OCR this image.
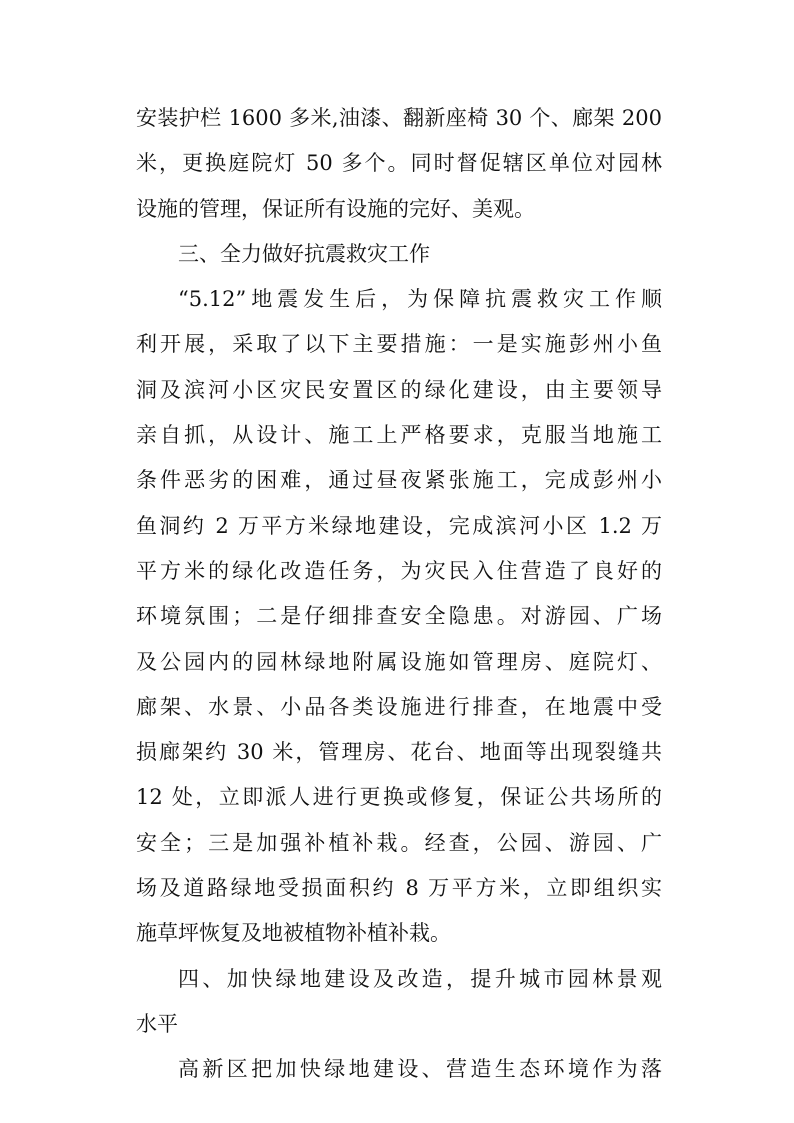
安装护栏 1600 多米,油漆、翻新座椅 30 个、廊架 200
米，更换庭院灯 50 多个。同时督促辖区单位对园林
设施的管理，保证所有设施的完好、美观。
三、全力做好抗震救灾工作
“5.12”地震发生后，为保障抗震救灾工作顺
利开展，采取了以下主要措施：一是实施彭州小鱼
洞及滨河小区灾民安置区的绿化建设，由主要领导
亲自抓，从设计、施工上严格要求，克服当地施工
条件恶劣的困难，通过昼夜紧张施工，完成彭州小
鱼洞约 2 万平方米绿地建设，完成滨河小区 1.2 万
平方米的绿化改造任务，为灾民入住营造了良好的
环境氛围；二是仔细排查安全隐患。对游园、广场
及公园内的园林绿地附属设施如管理房、庭院灯、
廊架、水景、小品各类设施进行排查，在地震中受
损廊架约 30 米，管理房、花台、地面等出现裂缝共
12 处，立即派人进行更换或修复，保证公共场所的
安全；三是加强补植补栽。经查，公园、游园、广
场及道路绿地受损面积约 8 万平方米，立即组织实
施草坪恢复及地被植物补植补栽。
四、加快绿地建设及改造，提升城市园林景观
水平
高新区把加快绿地建设、营造生态环境作为落
